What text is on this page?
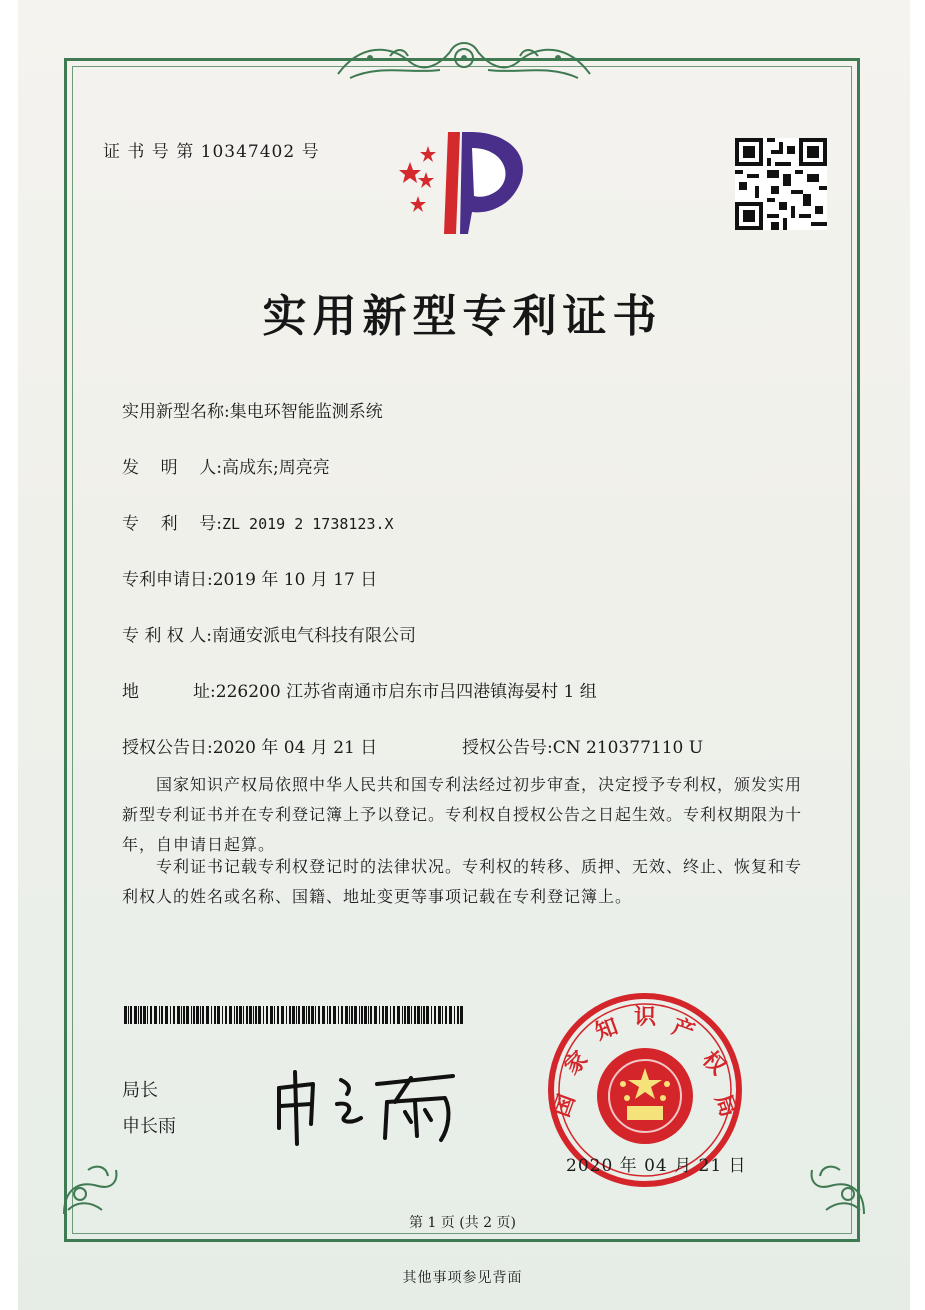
证 书 号 第 10347402 号
实用新型专利证书
实用新型名称:集电环智能监测系统
发    明    人:高成东;周亮亮
专    利    号:ZL 2019 2 1738123.X
专利申请日:2019 年 10 月 17 日
专 利 权 人:南通安派电气科技有限公司
地          址:226200 江苏省南通市启东市吕四港镇海晏村 1 组
授权公告日:2020 年 04 月 21 日	授权公告号:CN 210377110 U
国家知识产权局依照中华人民共和国专利法经过初步审查，决定授予专利权，颁发实用新型专利证书并在专利登记簿上予以登记。专利权自授权公告之日起生效。专利权期限为十年，自申请日起算。
专利证书记载专利权登记时的法律状况。专利权的转移、质押、无效、终止、恢复和专利权人的姓名或名称、国籍、地址变更等事项记载在专利登记簿上。
局长
申长雨
国
家
知 识 产
权
局
2020 年 04 月 21 日
第 1 页 (共 2 页)
其他事项参见背面
